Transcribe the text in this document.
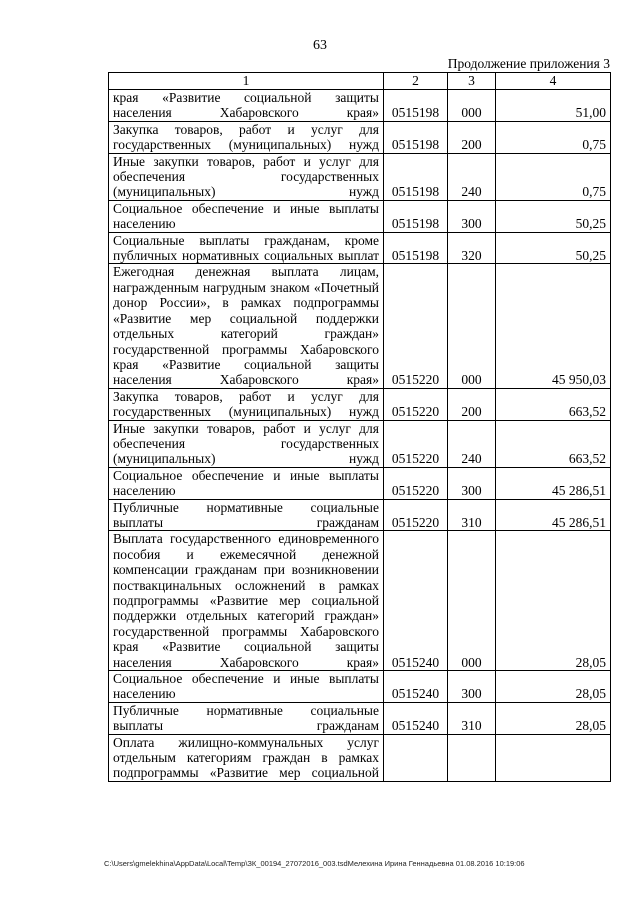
63
Продолжение приложения 3
1	2	3	4
края «Развитие социальной защиты населения Хабаровского края»	0515198	000	51,00
Закупка товаров, работ и услуг для государственных (муниципальных) нужд	0515198	200	0,75
Иные закупки товаров, работ и услуг для обеспечения государственных (муниципальных) нужд	0515198	240	0,75
Социальное обеспечение и иные выплаты населению	0515198	300	50,25
Социальные выплаты гражданам, кроме публичных нормативных социальных выплат	0515198	320	50,25
Ежегодная денежная выплата лицам, награжденным нагрудным знаком «Почетный донор России», в рамках подпрограммы «Развитие мер социальной поддержки отдельных категорий граждан» государственной программы Хабаровского края «Развитие социальной защиты населения Хабаровского края»	0515220	000	45 950,03
Закупка товаров, работ и услуг для государственных (муниципальных) нужд	0515220	200	663,52
Иные закупки товаров, работ и услуг для обеспечения государственных (муниципальных) нужд	0515220	240	663,52
Социальное обеспечение и иные выплаты населению	0515220	300	45 286,51
Публичные нормативные социальные выплаты гражданам	0515220	310	45 286,51
Выплата государственного единовременного пособия и ежемесячной денежной компенсации гражданам при возникновении поствакцинальных осложнений в рамках подпрограммы «Развитие мер социальной поддержки отдельных категорий граждан» государственной программы Хабаровского края «Развитие социальной защиты населения Хабаровского края»	0515240	000	28,05
Социальное обеспечение и иные выплаты населению	0515240	300	28,05
Публичные нормативные социальные выплаты гражданам	0515240	310	28,05
Оплата жилищно-коммунальных услуг отдельным категориям граждан в рамках подпрограммы «Развитие мер социальной			
C:\Users\gmelekhina\AppData\Local\Temp\ЗК_00194_27072016_003.tsdМелехина Ирина Геннадьевна 01.08.2016 10:19:06
